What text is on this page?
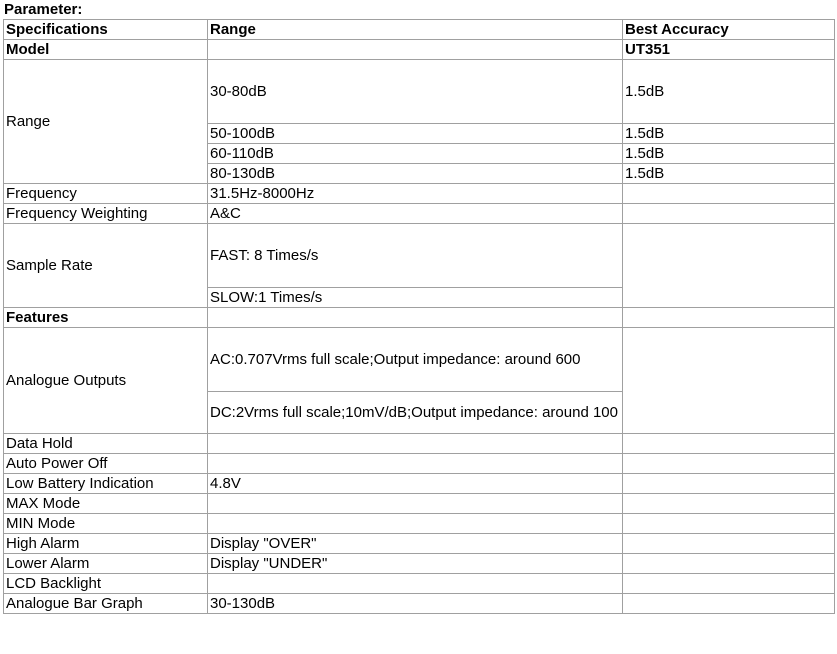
Parameter:
Specifications	Range	Best Accuracy
Model		UT351
Range	30-80dB	1.5dB
	50-100dB	1.5dB
	60-110dB	1.5dB
	80-130dB	1.5dB
Frequency	31.5Hz-8000Hz	
Frequency Weighting	A&C	
Sample Rate	FAST: 8 Times/s	
	SLOW:1 Times/s	
Features		
Analogue Outputs	AC:0.707Vrms full scale;Output impedance: around 600	
	DC:2Vrms full scale;10mV/dB;Output impedance: around 100	
Data Hold		
Auto Power Off		
Low Battery Indication	4.8V	
MAX Mode		
MIN Mode		
High Alarm	Display "OVER"	
Lower Alarm	Display "UNDER"	
LCD Backlight		
Analogue Bar Graph	30-130dB	
